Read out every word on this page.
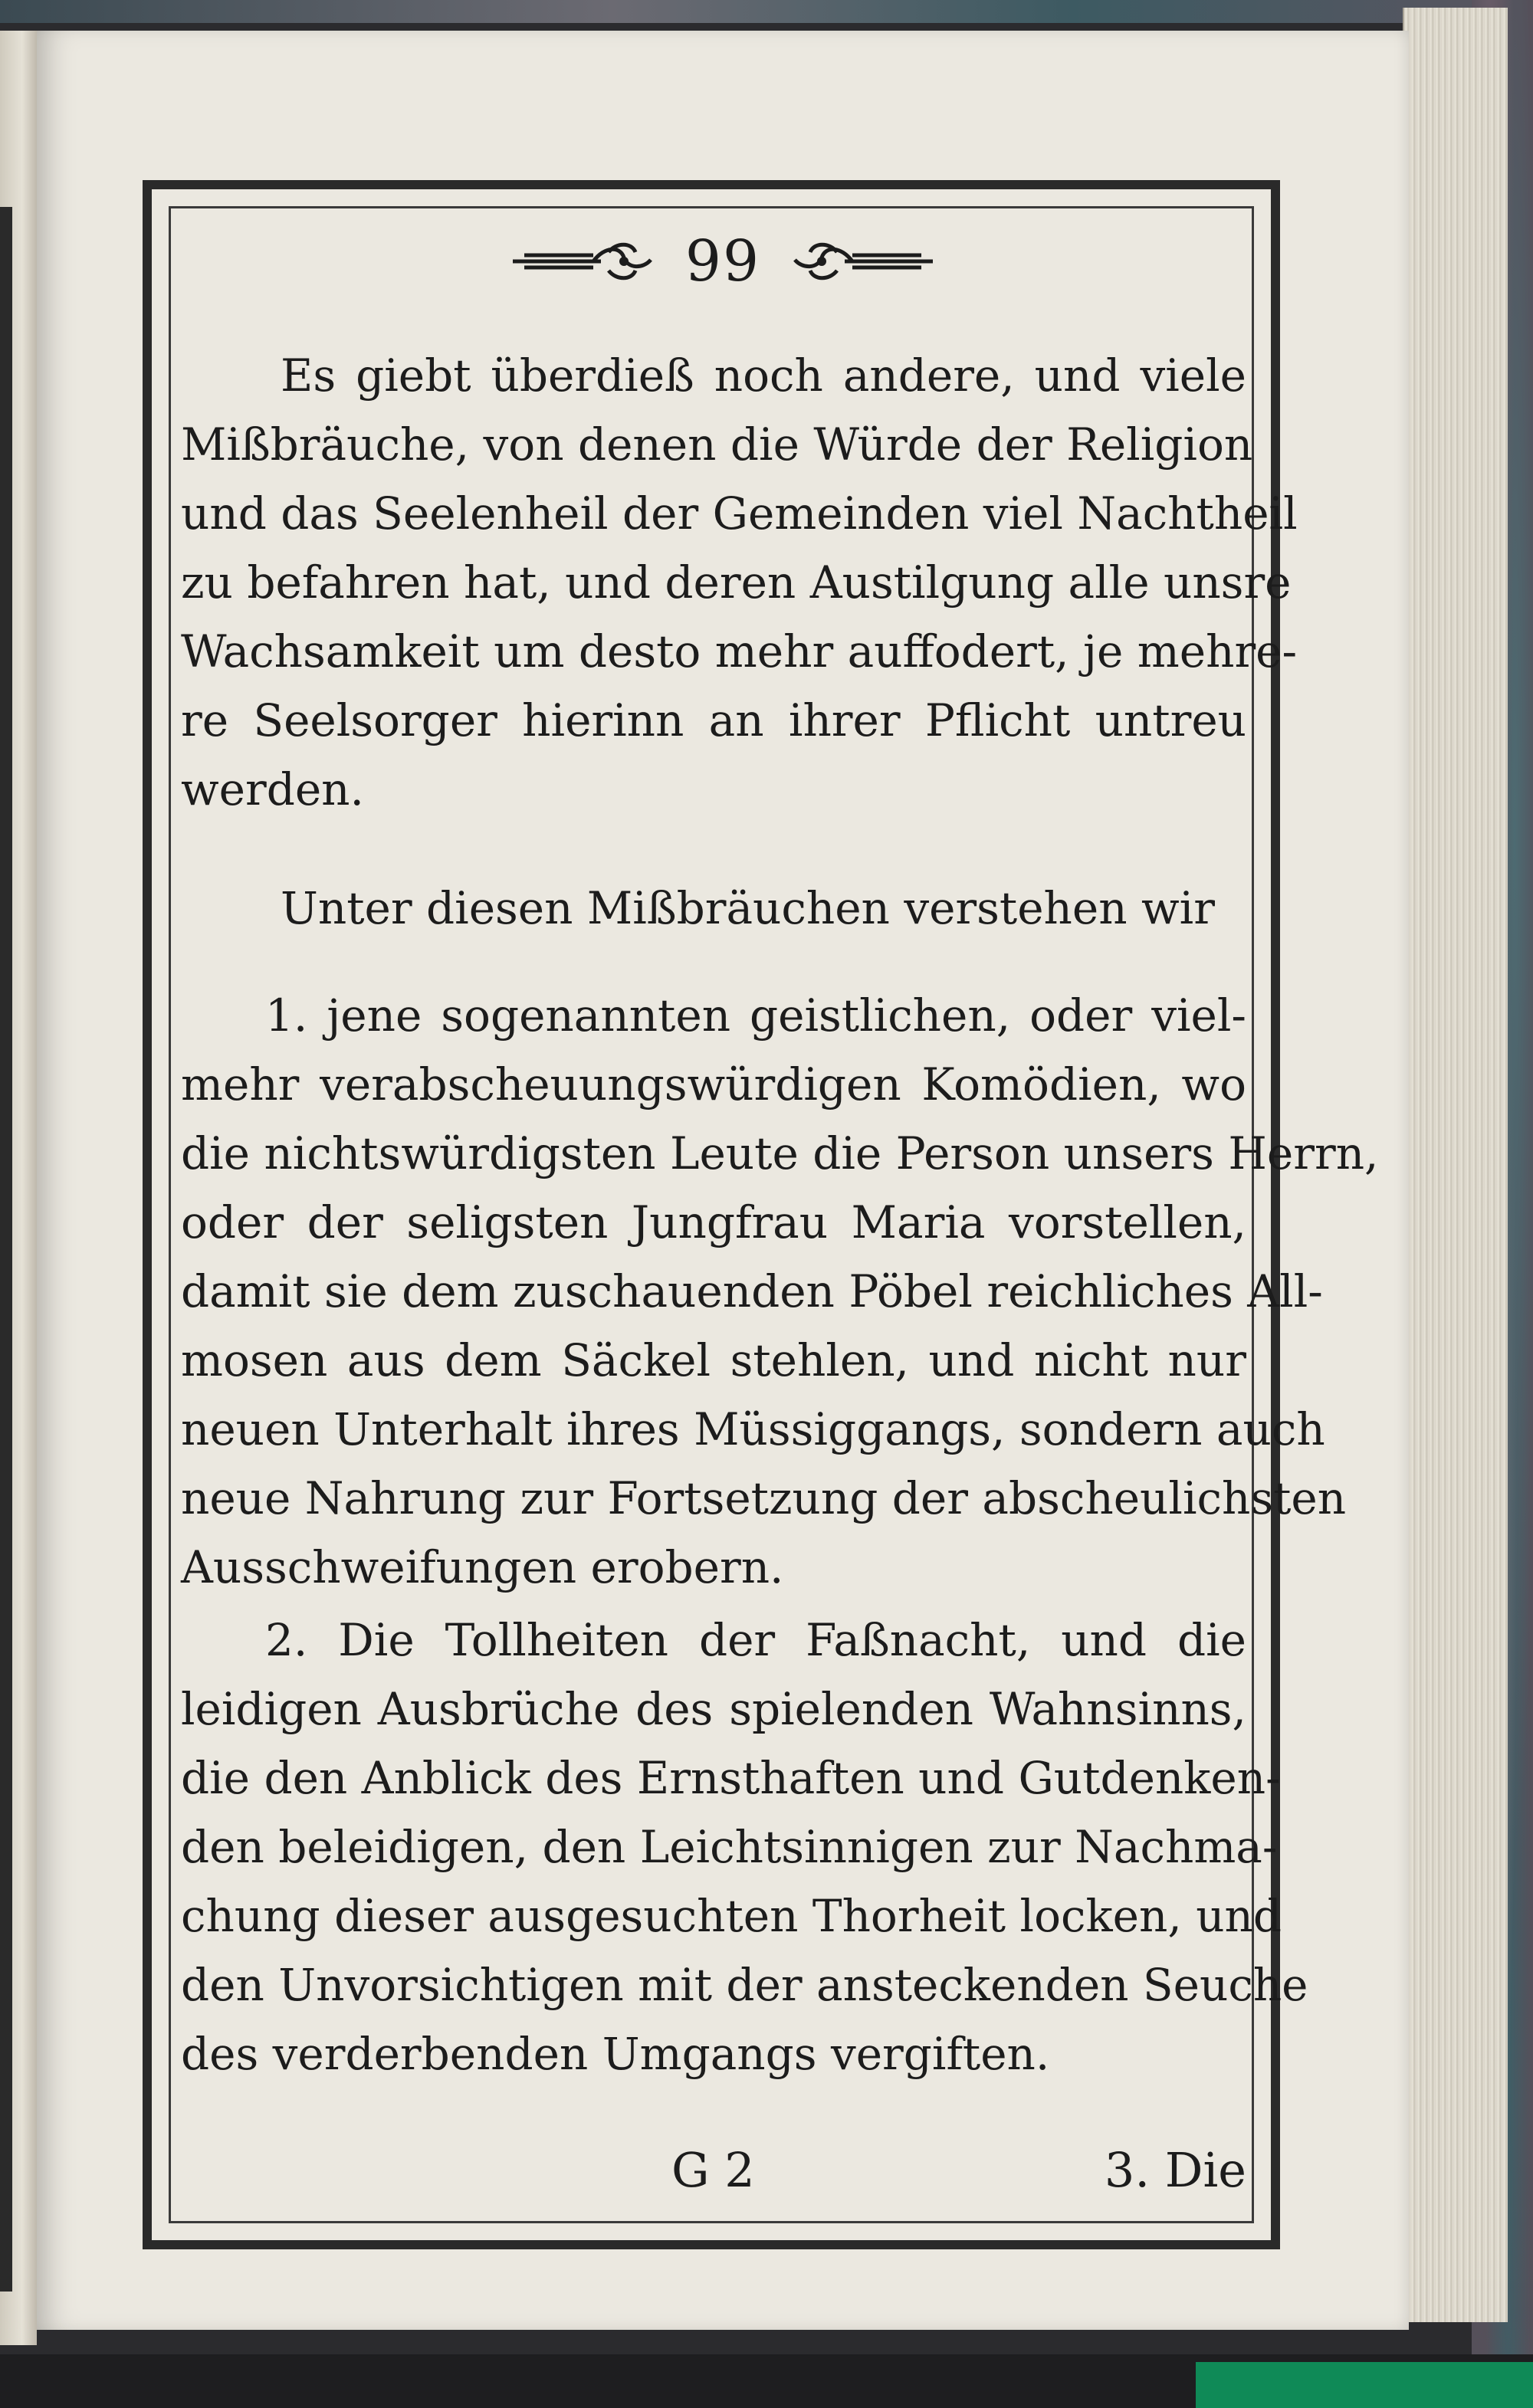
99
Es giebt überdieß noch andere, und viele
Mißbräuche, von denen die Würde der Religion
und das Seelenheil der Gemeinden viel Nachtheil
zu befahren hat, und deren Austilgung alle unsre
Wachsamkeit um desto mehr auffodert, je mehre-
re Seelsorger hierinn an ihrer Pflicht untreu
werden.
Unter diesen Mißbräuchen verstehen wir
1. jene sogenannten geistlichen, oder viel-
mehr verabscheuungswürdigen Komödien, wo
die nichtswürdigsten Leute die Person unsers Herrn,
oder der seligsten Jungfrau Maria vorstellen,
damit sie dem zuschauenden Pöbel reichliches All-
mosen aus dem Säckel stehlen, und nicht nur
neuen Unterhalt ihres Müssiggangs, sondern auch
neue Nahrung zur Fortsetzung der abscheulichsten
Ausschweifungen erobern.
2. Die Tollheiten der Faßnacht, und die
leidigen Ausbrüche des spielenden Wahnsinns,
die den Anblick des Ernsthaften und Gutdenken-
den beleidigen, den Leichtsinnigen zur Nachma-
chung dieser ausgesuchten Thorheit locken, und
den Unvorsichtigen mit der ansteckenden Seuche
des verderbenden Umgangs vergiften.
G 2	3. Die
